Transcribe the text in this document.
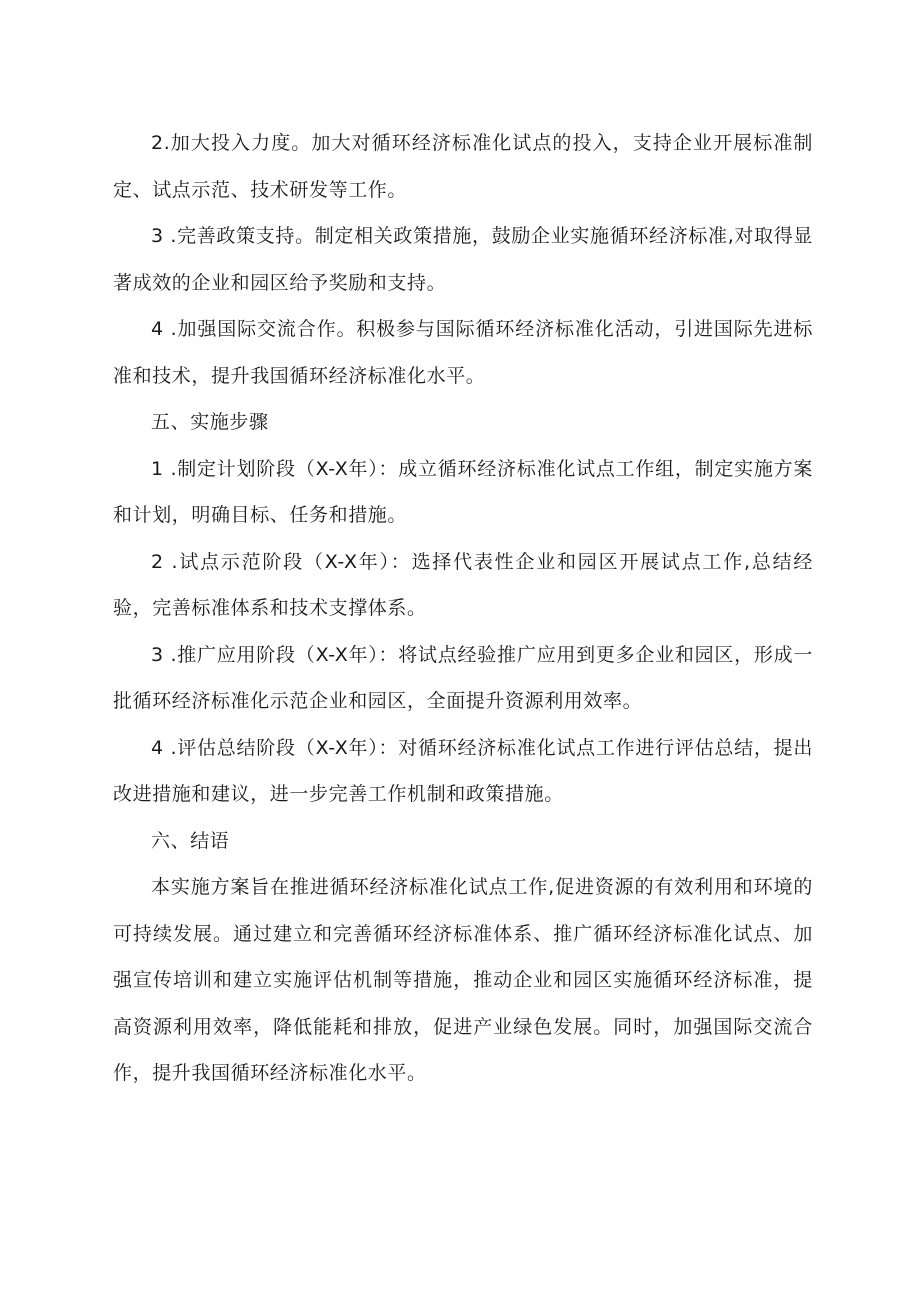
2.加大投入力度。加大对循环经济标准化试点的投入，支持企业开展标准制定、试点示范、技术研发等工作。

3 .完善政策支持。制定相关政策措施，鼓励企业实施循环经济标准,对取得显著成效的企业和园区给予奖励和支持。

4 .加强国际交流合作。积极参与国际循环经济标准化活动，引进国际先进标准和技术，提升我国循环经济标准化水平。

五、实施步骤

1 .制定计划阶段（X-X年）：成立循环经济标准化试点工作组，制定实施方案和计划，明确目标、任务和措施。

2 .试点示范阶段（X-X年）：选择代表性企业和园区开展试点工作,总结经验，完善标准体系和技术支撑体系。

3 .推广应用阶段（X-X年）：将试点经验推广应用到更多企业和园区，形成一批循环经济标准化示范企业和园区，全面提升资源利用效率。

4 .评估总结阶段（X-X年）：对循环经济标准化试点工作进行评估总结，提出改进措施和建议，进一步完善工作机制和政策措施。

六、结语

本实施方案旨在推进循环经济标准化试点工作,促进资源的有效利用和环境的可持续发展。通过建立和完善循环经济标准体系、推广循环经济标准化试点、加强宣传培训和建立实施评估机制等措施，推动企业和园区实施循环经济标准，提高资源利用效率，降低能耗和排放，促进产业绿色发展。同时，加强国际交流合作，提升我国循环经济标准化水平。
